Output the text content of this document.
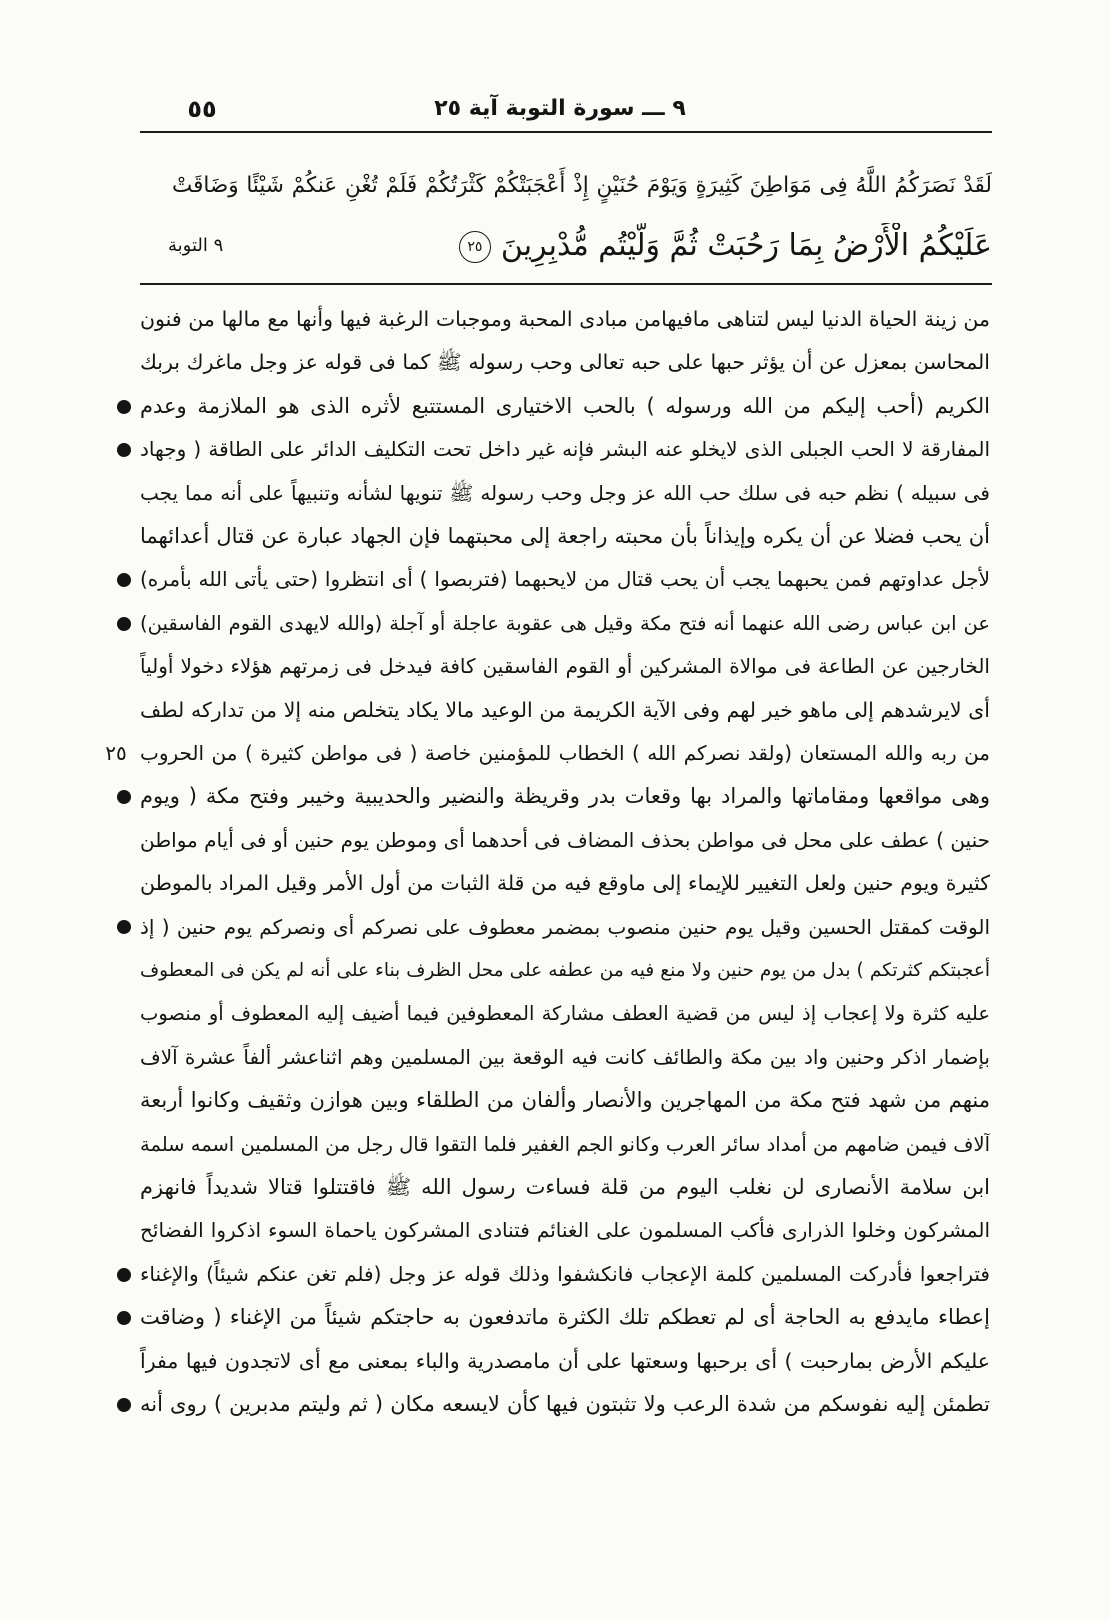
٩ ـــ سورة التوبة آية ٢٥
٥٥
لَقَدْ نَصَرَكُمُ اللَّهُ فِى مَوَاطِنَ كَثِيرَةٍ وَيَوْمَ حُنَيْنٍ إِذْ أَعْجَبَتْكُمْ كَثْرَتُكُمْ فَلَمْ تُغْنِ عَنكُمْ شَيْئًا وَضَاقَتْ
عَلَيْكُمُ الْأَرْضُ بِمَا رَحُبَتْ ثُمَّ وَلَّيْتُم مُّدْبِرِينَ٢٥
٩ التوبة
من زينة الحياة الدنيا ليس لتناهى مافيهامن مبادى المحبة وموجبات الرغبة فيها وأنها مع مالها من فنون
المحاسن بمعزل عن أن يؤثر حبها على حبه تعالى وحب رسوله ﷺ كما فى قوله عز وجل ماغرك بربك
الكريم (أحب إليكم من الله ورسوله ) بالحب الاختيارى المستتبع لأثره الذى هو الملازمة وعدم
المفارقة لا الحب الجبلى الذى لايخلو عنه البشر فإنه غير داخل تحت التكليف الدائر على الطاقة ( وجهاد
فى سبيله ) نظم حبه فى سلك حب الله عز وجل وحب رسوله ﷺ تنويها لشأنه وتنبيهاً على أنه مما يجب
أن يحب فضلا عن أن يكره وإيذاناً بأن محبته راجعة إلى محبتهما فإن الجهاد عبارة عن قتال أعدائهما
لأجل عداوتهم فمن يحبهما يجب أن يحب قتال من لايحبهما (فتربصوا ) أى انتظروا (حتى يأتى الله بأمره)
عن ابن عباس رضى الله عنهما أنه فتح مكة وقيل هى عقوبة عاجلة أو آجلة (والله لايهدى القوم الفاسقين)
الخارجين عن الطاعة فى موالاة المشركين أو القوم الفاسقين كافة فيدخل فى زمرتهم هؤلاء دخولا أولياً
أى لايرشدهم إلى ماهو خير لهم وفى الآية الكريمة من الوعيد مالا يكاد يتخلص منه إلا من تداركه لطف
من ربه والله المستعان (ولقد نصركم الله ) الخطاب للمؤمنين خاصة ( فى مواطن كثيرة ) من الحروب
٢٥
وهى مواقعها ومقاماتها والمراد بها وقعات بدر وقريظة والنضير والحديبية وخيبر وفتح مكة ( ويوم
حنين ) عطف على محل فى مواطن بحذف المضاف فى أحدهما أى وموطن يوم حنين أو فى أيام مواطن
كثيرة ويوم حنين ولعل التغيير للإيماء إلى ماوقع فيه من قلة الثبات من أول الأمر وقيل المراد بالموطن
الوقت كمقتل الحسين وقيل يوم حنين منصوب بمضمر معطوف على نصركم أى ونصركم يوم حنين ( إذ
أعجبتكم كثرتكم ) بدل من يوم حنين ولا منع فيه من عطفه على محل الظرف بناء على أنه لم يكن فى المعطوف
عليه كثرة ولا إعجاب إذ ليس من قضية العطف مشاركة المعطوفين فيما أضيف إليه المعطوف أو منصوب
بإضمار اذكر وحنين واد بين مكة والطائف كانت فيه الوقعة بين المسلمين وهم اثناعشر ألفاً عشرة آلاف
منهم من شهد فتح مكة من المهاجرين والأنصار وألفان من الطلقاء وبين هوازن وثقيف وكانوا أربعة
آلاف فيمن ضامهم من أمداد سائر العرب وكانو الجم الغفير فلما التقوا قال رجل من المسلمين اسمه سلمة
ابن سلامة الأنصارى لن نغلب اليوم من قلة فساءت رسول الله ﷺ فاقتتلوا قتالا شديداً فانهزم
المشركون وخلوا الذرارى فأكب المسلمون على الغنائم فتنادى المشركون ياحماة السوء اذكروا الفضائح
فتراجعوا فأدركت المسلمين كلمة الإعجاب فانكشفوا وذلك قوله عز وجل (فلم تغن عنكم شيئاً) والإغناء
إعطاء مايدفع به الحاجة أى لم تعطكم تلك الكثرة ماتدفعون به حاجتكم شيئاً من الإغناء ( وضاقت
عليكم الأرض بمارحبت ) أى برحبها وسعتها على أن مامصدرية والباء بمعنى مع أى لاتجدون فيها مفراً
تطمئن إليه نفوسكم من شدة الرعب ولا تثبتون فيها كأن لايسعه مكان ( ثم وليتم مدبرين ) روى أنه
